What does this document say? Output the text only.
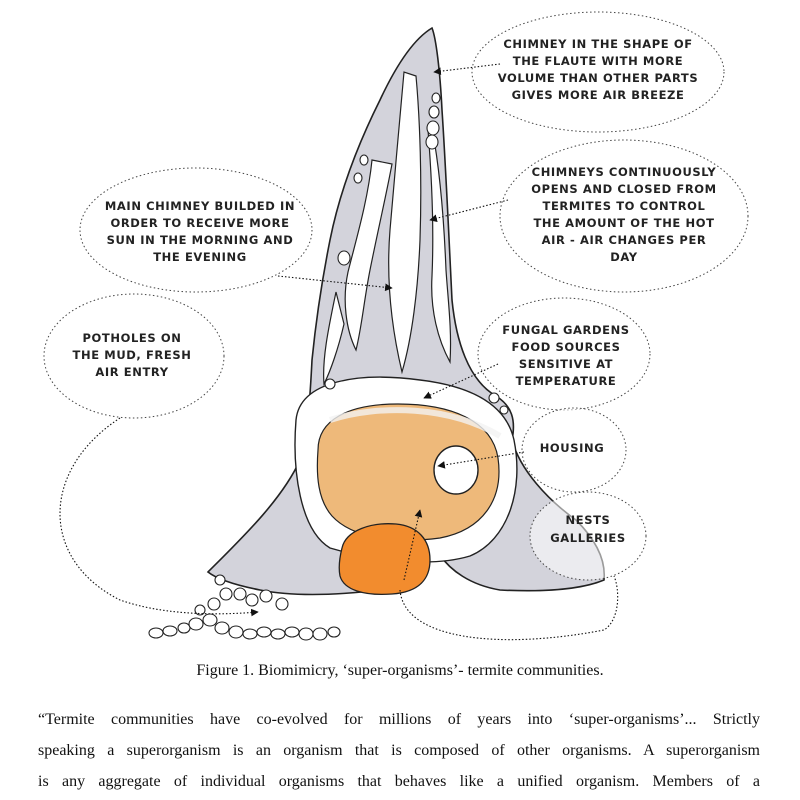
CHIMNEY IN THE SHAPE OF THE FLAUTE WITH MORE VOLUME THAN OTHER PARTS GIVES MORE AIR BREEZE
CHIMNEYS CONTINUOUSLY OPENS AND CLOSED FROM TERMITES TO CONTROL THE AMOUNT OF THE HOT AIR - AIR CHANGES PER DAY
MAIN CHIMNEY BUILDED IN ORDER TO RECEIVE MORE SUN IN THE MORNING AND THE EVENING
POTHOLES ON THE MUD, FRESH AIR ENTRY
FUNGAL GARDENS FOOD SOURCES SENSITIVE AT TEMPERATURE
HOUSING
NESTS GALLERIES
Figure 1. Biomimicry, ‘super-organisms’- termite communities.
“Termite communities have co-evolved for millions of years into ‘super-organisms’... Strictly
speaking a superorganism is an organism that is composed of other organisms. A superorganism
is any aggregate of individual organisms that behaves like a unified organism. Members of a
